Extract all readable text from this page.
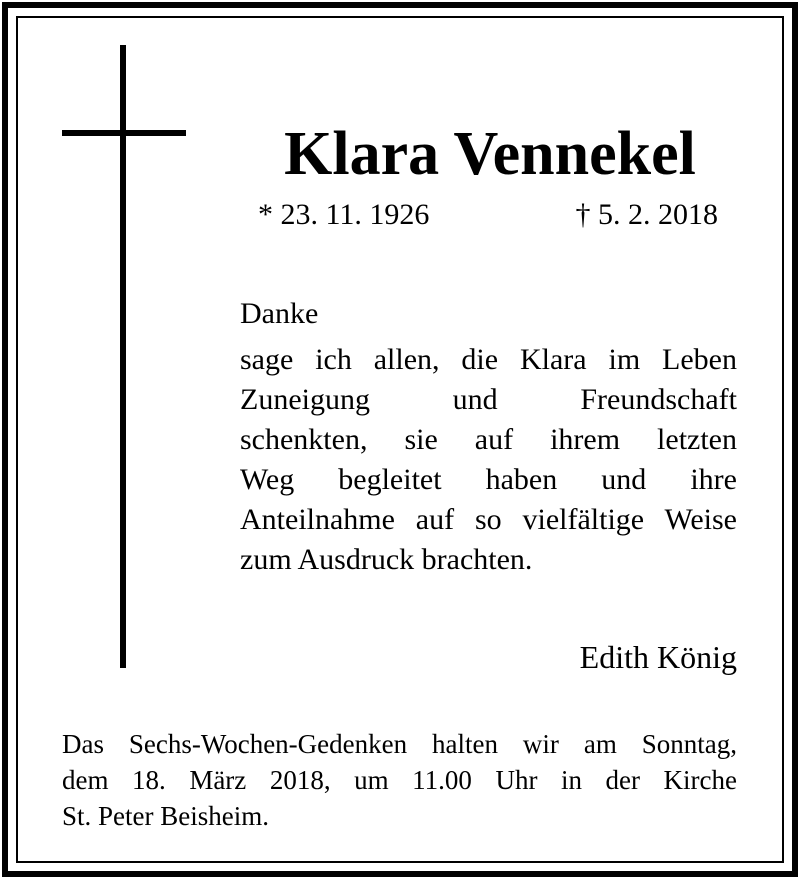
Klara Vennekel
* 23. 11. 1926	† 5. 2. 2018
Danke
sage ich allen, die Klara im Leben
Zuneigung und Freundschaft
schenkten, sie auf ihrem letzten
Weg begleitet haben und ihre
Anteilnahme auf so vielfältige Weise
zum Ausdruck brachten.
Edith König
Das Sechs-Wochen-Gedenken halten wir am Sonntag,
dem 18. März 2018, um 11.00 Uhr in der Kirche
St. Peter Beisheim.
